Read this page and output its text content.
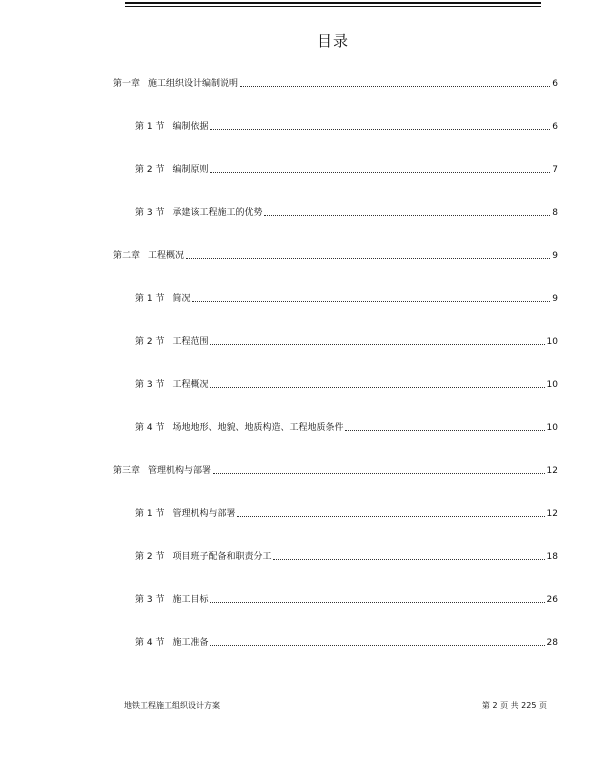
目录
第一章 施工组织设计编制说明	6
第 1 节 编制依据	6
第 2 节 编制原则	7
第 3 节 承建该工程施工的优势	8
第二章 工程概况	9
第 1 节 简况	9
第 2 节 工程范围	10
第 3 节 工程概况	10
第 4 节 场地地形、地貌、地质构造、工程地质条件	10
第三章 管理机构与部署	12
第 1 节 管理机构与部署	12
第 2 节 项目班子配备和职责分工	18
第 3 节 施工目标	26
第 4 节 施工准备	28
地铁工程施工组织设计方案	第 2 页 共 225 页
